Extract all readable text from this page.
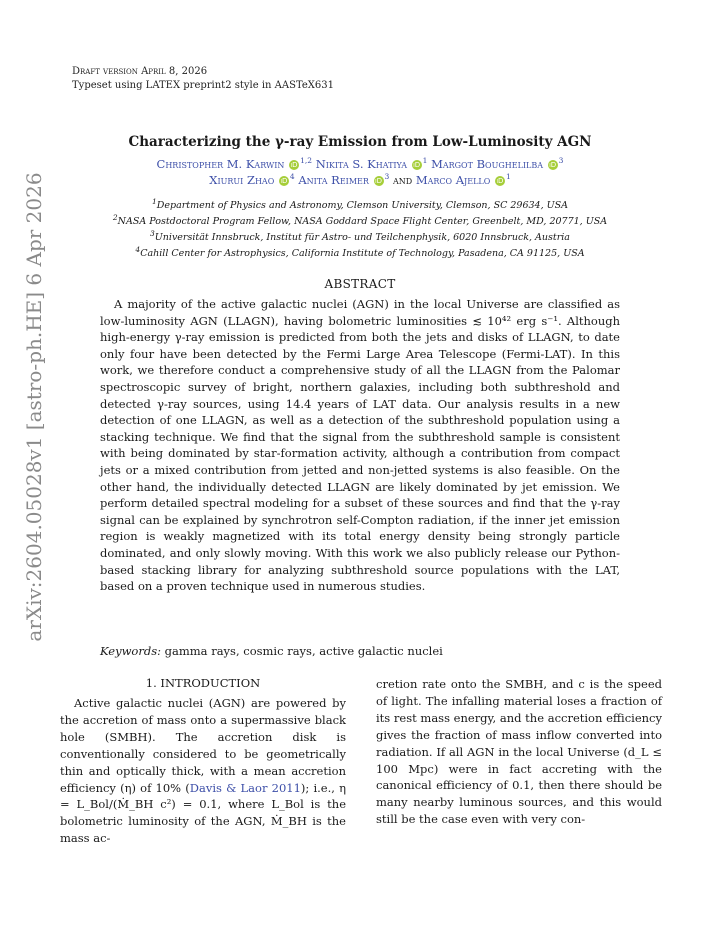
arXiv:2604.05028v1 [astro-ph.HE] 6 Apr 2026
Draft version April 8, 2026
Typeset using LATEX preprint2 style in AASTeX631
Characterizing the γ-ray Emission from Low-Luminosity AGN
Christopher M. Karwin iD $^{1,2}$ Nikita S. Khatiya iD $^1$ Margot Boughelilba iD $^3$
Xiurui Zhao iD $^4$ Anita Reimer iD $^3$ and Marco Ajello iD $^1$
$^1$Department of Physics and Astronomy, Clemson University, Clemson, SC 29634, USA
$^2$NASA Postdoctoral Program Fellow, NASA Goddard Space Flight Center, Greenbelt, MD, 20771, USA
$^3$Universität Innsbruck, Institut für Astro- und Teilchenphysik, 6020 Innsbruck, Austria
$^4$Cahill Center for Astrophysics, California Institute of Technology, Pasadena, CA 91125, USA
ABSTRACT
A majority of the active galactic nuclei (AGN) in the local Universe are classified as low-luminosity AGN (LLAGN), having bolometric luminosities ≲ 10⁴² erg s⁻¹. Although high-energy γ-ray emission is predicted from both the jets and disks of LLAGN, to date only four have been detected by the Fermi Large Area Telescope (Fermi-LAT). In this work, we therefore conduct a comprehensive study of all the LLAGN from the Palomar spectroscopic survey of bright, northern galaxies, including both subthreshold and detected γ-ray sources, using 14.4 years of LAT data. Our analysis results in a new detection of one LLAGN, as well as a detection of the subthreshold population using a stacking technique. We find that the signal from the subthreshold sample is consistent with being dominated by star-formation activity, although a contribution from compact jets or a mixed contribution from jetted and non-jetted systems is also feasible. On the other hand, the individually detected LLAGN are likely dominated by jet emission. We perform detailed spectral modeling for a subset of these sources and find that the γ-ray signal can be explained by synchrotron self-Compton radiation, if the inner jet emission region is weakly magnetized with its total energy density being strongly particle dominated, and only slowly moving. With this work we also publicly release our Python-based stacking library for analyzing subthreshold source populations with the LAT, based on a proven technique used in numerous studies.
Keywords: gamma rays, cosmic rays, active galactic nuclei
1. INTRODUCTION
Active galactic nuclei (AGN) are powered by the accretion of mass onto a supermassive black hole (SMBH). The accretion disk is conventionally considered to be geometrically thin and optically thick, with a mean accretion efficiency (η) of 10% (Davis & Laor 2011); i.e., η = L_Bol/(Ṁ_BH c²) = 0.1, where L_Bol is the bolometric luminosity of the AGN, Ṁ_BH is the mass ac-
cretion rate onto the SMBH, and c is the speed of light. The infalling material loses a fraction of its rest mass energy, and the accretion efficiency gives the fraction of mass inflow converted into radiation. If all AGN in the local Universe (d_L ≤ 100 Mpc) were in fact accreting with the canonical efficiency of 0.1, then there should be many nearby luminous sources, and this would still be the case even with very con-
